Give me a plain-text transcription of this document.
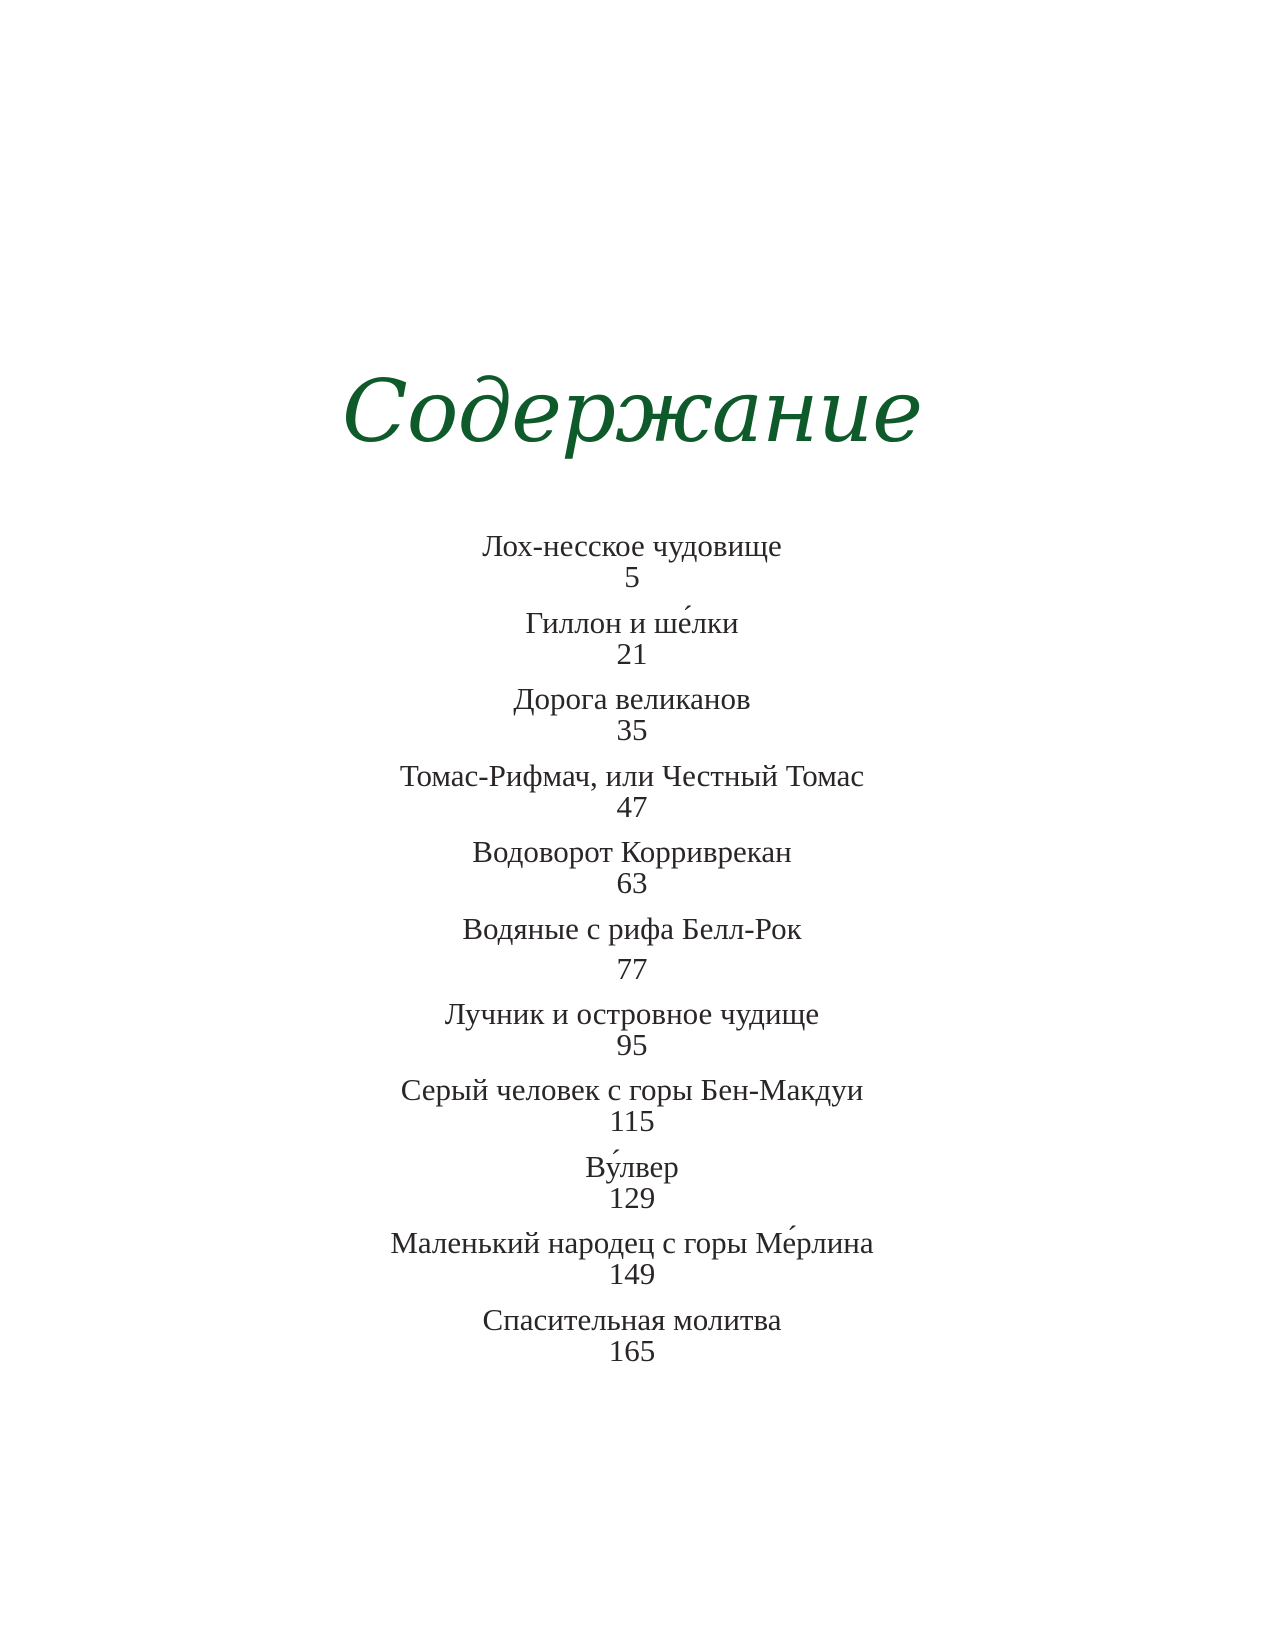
Содержание
Лох-несское чудовище
5
Гиллон и ше́лки
21
Дорога великанов
35
Томас-Рифмач, или Честный Томас
47
Водоворот Корриврекан
63
Водяные с рифа Белл-Рок
77
Лучник и островное чудище
95
Серый человек с горы Бен-Макдуи
115
Ву́лвер
129
Маленький народец с горы Ме́рлина
149
Спасительная молитва
165
